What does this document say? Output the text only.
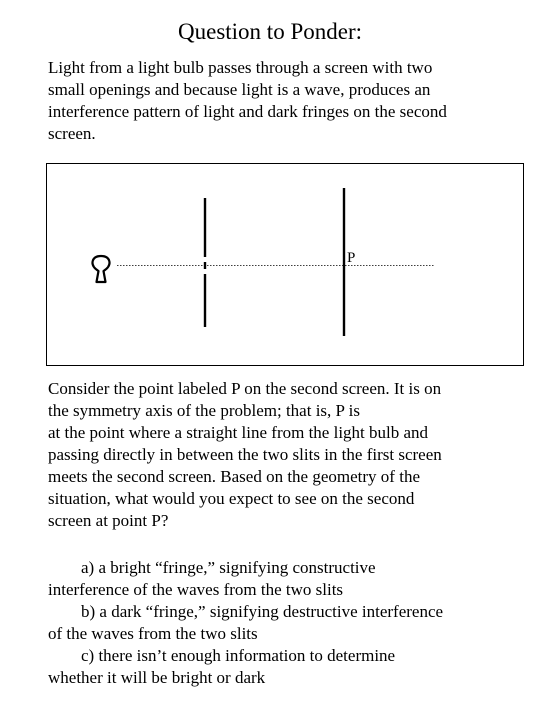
Question to Ponder:
Light from a light bulb passes through a screen with two
small openings and because light is a wave, produces an
interference pattern of light and dark fringes on the second
screen.
P
Consider the point labeled P on the second screen. It is on
the symmetry axis of the problem; that is, P is
at the point where a straight line from the light bulb and
passing directly in between the two slits in the first screen
meets the second screen. Based on the geometry of the
situation, what would you expect to see on the second
screen at point P?
a) a bright “fringe,” signifying constructive
interference of the waves from the two slits
b) a dark “fringe,” signifying destructive interference
of the waves from the two slits
c) there isn’t enough information to determine
whether it will be bright or dark
